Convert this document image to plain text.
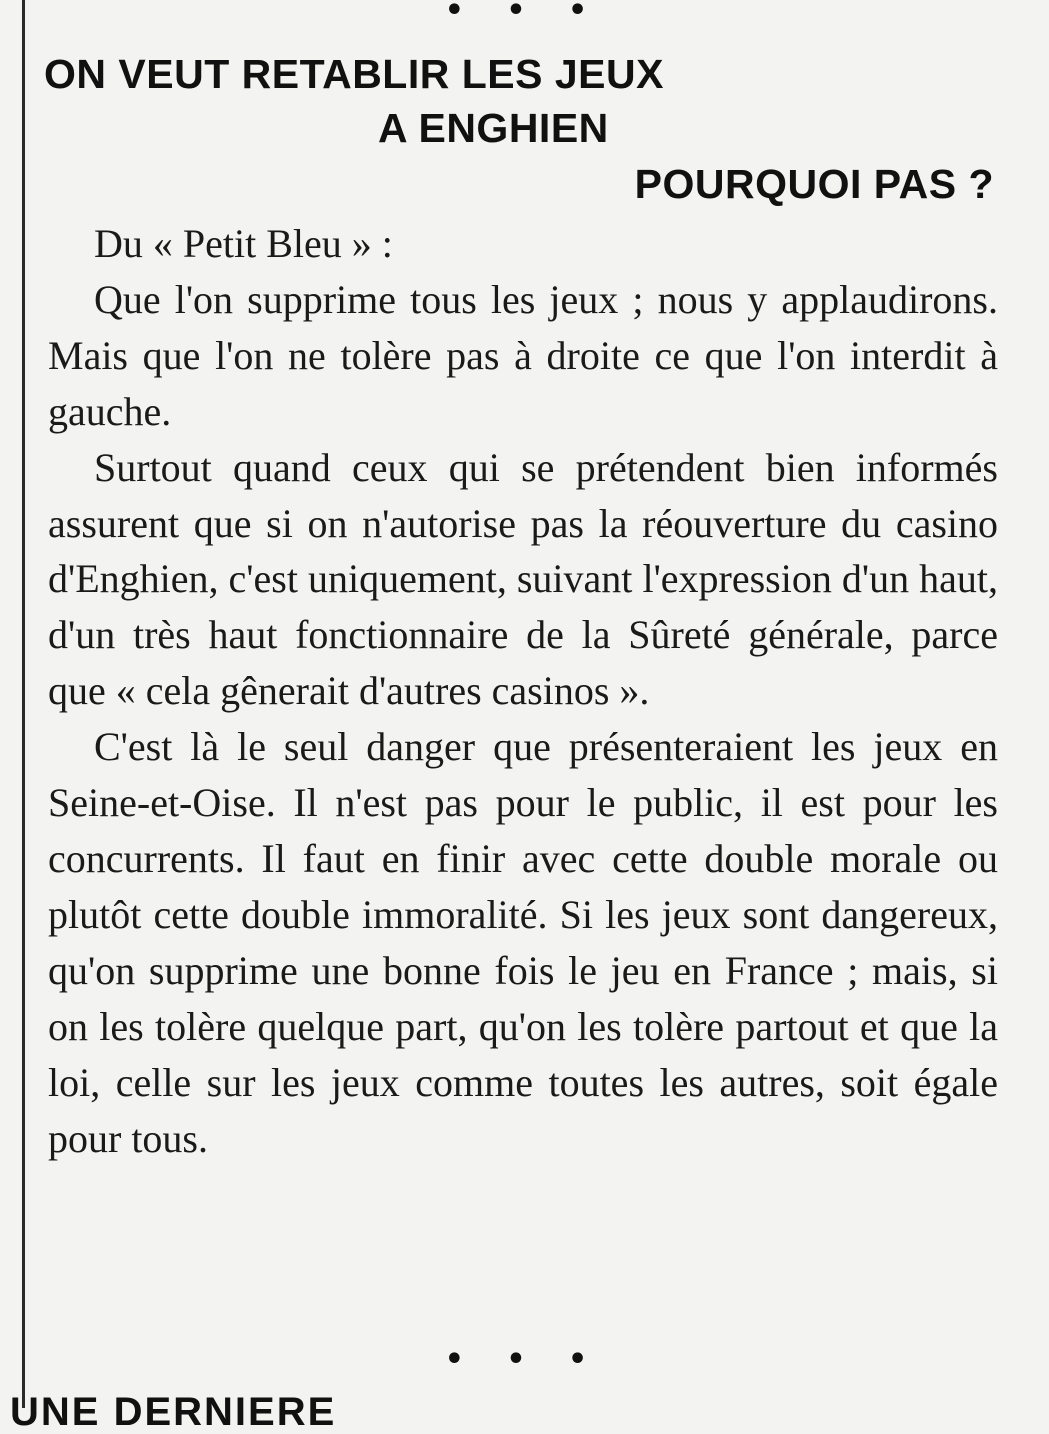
• • •
ON VEUT RETABLIR LES JEUX
A ENGHIEN
POURQUOI PAS ?

Du « Petit Bleu » :

Que l'on supprime tous les jeux ; nous y applaudirons. Mais que l'on ne tolère pas à droite ce que l'on interdit à gauche.

Surtout quand ceux qui se prétendent bien informés assurent que si on n'autorise pas la réouverture du casino d'Enghien, c'est uniquement, suivant l'expression d'un haut, d'un très haut fonctionnaire de la Sûreté générale, parce que « cela gênerait d'autres casinos ».

C'est là le seul danger que présenteraient les jeux en Seine-et-Oise. Il n'est pas pour le public, il est pour les concurrents. Il faut en finir avec cette double morale ou plutôt cette double immoralité. Si les jeux sont dangereux, qu'on supprime une bonne fois le jeu en France ; mais, si on les tolère quelque part, qu'on les tolère partout et que la loi, celle sur les jeux comme toutes les autres, soit égale pour tous.

• • •
UNE DERNIERE
